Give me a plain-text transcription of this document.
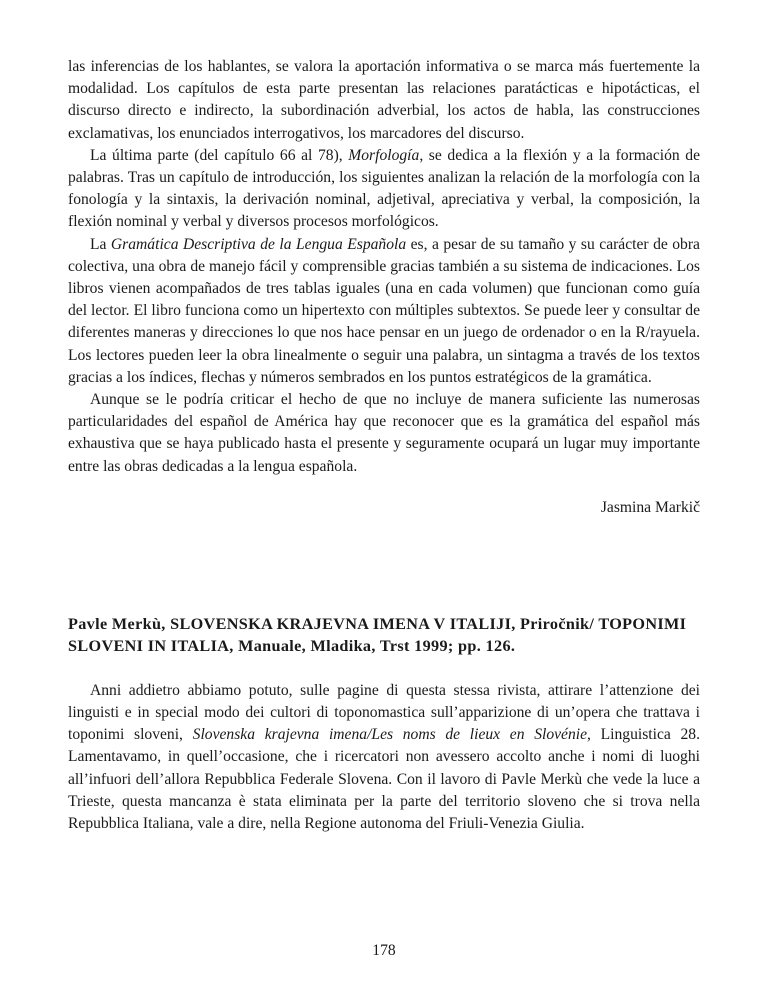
las inferencias de los hablantes, se valora la aportación informativa o se marca más fuertemente la modalidad. Los capítulos de esta parte presentan las relaciones paratácticas e hipotácticas, el discurso directo e indirecto, la subordinación adverbial, los actos de habla, las construcciones exclamativas, los enunciados interrogativos, los marcadores del discurso.

La última parte (del capítulo 66 al 78), Morfología, se dedica a la flexión y a la formación de palabras. Tras un capítulo de introducción, los siguientes analizan la relación de la morfología con la fonología y la sintaxis, la derivación nominal, adjetival, apreciativa y verbal, la composición, la flexión nominal y verbal y diversos procesos morfológicos.

La Gramática Descriptiva de la Lengua Española es, a pesar de su tamaño y su carácter de obra colectiva, una obra de manejo fácil y comprensible gracias también a su sistema de indicaciones. Los libros vienen acompañados de tres tablas iguales (una en cada volumen) que funcionan como guía del lector. El libro funciona como un hipertexto con múltiples subtextos. Se puede leer y consultar de diferentes maneras y direcciones lo que nos hace pensar en un juego de ordenador o en la R/rayuela. Los lectores pueden leer la obra linealmente o seguir una palabra, un sintagma a través de los textos gracias a los índices, flechas y números sembrados en los puntos estratégicos de la gramática.

Aunque se le podría criticar el hecho de que no incluye de manera suficiente las numerosas particularidades del español de América hay que reconocer que es la gramática del español más exhaustiva que se haya publicado hasta el presente y seguramente ocupará un lugar muy importante entre las obras dedicadas a la lengua española.

Jasmina Markič
Pavle Merkù, SLOVENSKA KRAJEVNA IMENA V ITALIJI, Priročnik/ TOPONIMI SLOVENI IN ITALIA, Manuale, Mladika, Trst 1999; pp. 126.

Anni addietro abbiamo potuto, sulle pagine di questa stessa rivista, attirare l’attenzione dei linguisti e in special modo dei cultori di toponomastica sull’apparizione di un’opera che trattava i toponimi sloveni, Slovenska krajevna imena/Les noms de lieux en Slovénie, Linguistica 28. Lamentavamo, in quell’occasione, che i ricercatori non avessero accolto anche i nomi di luoghi all’infuori dell’allora Repubblica Federale Slovena. Con il lavoro di Pavle Merkù che vede la luce a Trieste, questa mancanza è stata eliminata per la parte del territorio sloveno che si trova nella Repubblica Italiana, vale a dire, nella Regione autonoma del Friuli-Venezia Giulia.

178
